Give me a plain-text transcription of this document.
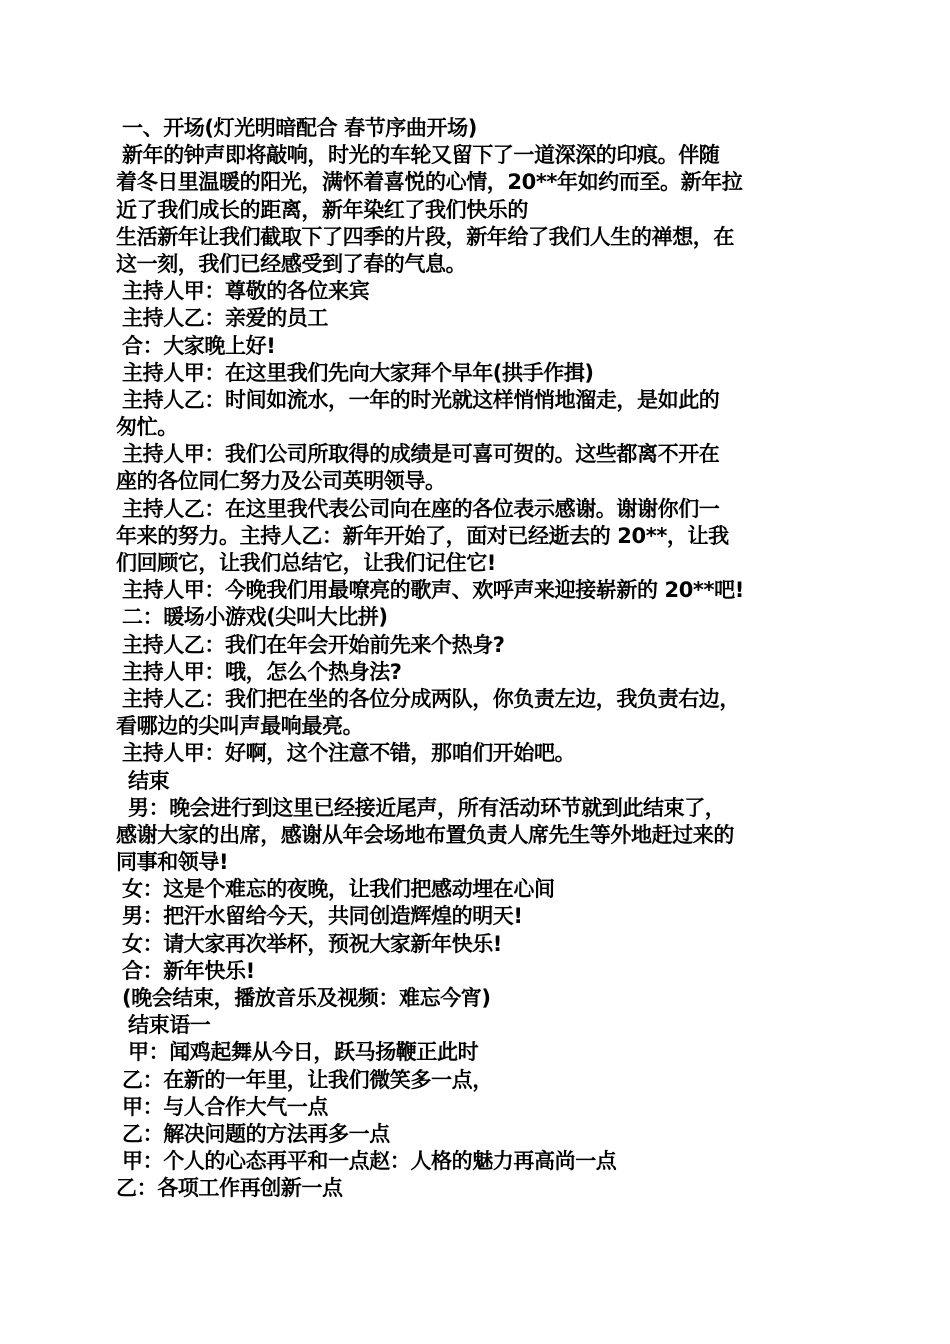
一、开场(灯光明暗配合 春节序曲开场)
新年的钟声即将敲响，时光的车轮又留下了一道深深的印痕。伴随
着冬日里温暖的阳光，满怀着喜悦的心情，20**年如约而至。新年拉
近了我们成长的距离，新年染红了我们快乐的
生活新年让我们截取下了四季的片段，新年给了我们人生的禅想，在
这一刻，我们已经感受到了春的气息。
主持人甲：尊敬的各位来宾
主持人乙：亲爱的员工
合：大家晚上好!
主持人甲：在这里我们先向大家拜个早年(拱手作揖)
主持人乙：时间如流水，一年的时光就这样悄悄地溜走，是如此的
匆忙。
主持人甲：我们公司所取得的成绩是可喜可贺的。这些都离不开在
座的各位同仁努力及公司英明领导。
主持人乙：在这里我代表公司向在座的各位表示感谢。谢谢你们一
年来的努力。主持人乙：新年开始了，面对已经逝去的 20**，让我
们回顾它，让我们总结它，让我们记住它!
主持人甲：今晚我们用最嘹亮的歌声、欢呼声来迎接崭新的 20**吧!
二：暖场小游戏(尖叫大比拼)
主持人乙：我们在年会开始前先来个热身?
主持人甲：哦，怎么个热身法?
主持人乙：我们把在坐的各位分成两队，你负责左边，我负责右边，
看哪边的尖叫声最响最亮。
主持人甲：好啊，这个注意不错，那咱们开始吧。
结束
男：晚会进行到这里已经接近尾声，所有活动环节就到此结束了，
感谢大家的出席，感谢从年会场地布置负责人席先生等外地赶过来的
同事和领导!
女：这是个难忘的夜晚，让我们把感动埋在心间
男：把汗水留给今天，共同创造辉煌的明天!
女：请大家再次举杯，预祝大家新年快乐!
合：新年快乐!
(晚会结束，播放音乐及视频：难忘今宵)
结束语一
甲：闻鸡起舞从今日，跃马扬鞭正此时
乙：在新的一年里，让我们微笑多一点，
甲：与人合作大气一点
乙：解决问题的方法再多一点
甲：个人的心态再平和一点赵：人格的魅力再高尚一点
乙：各项工作再创新一点
